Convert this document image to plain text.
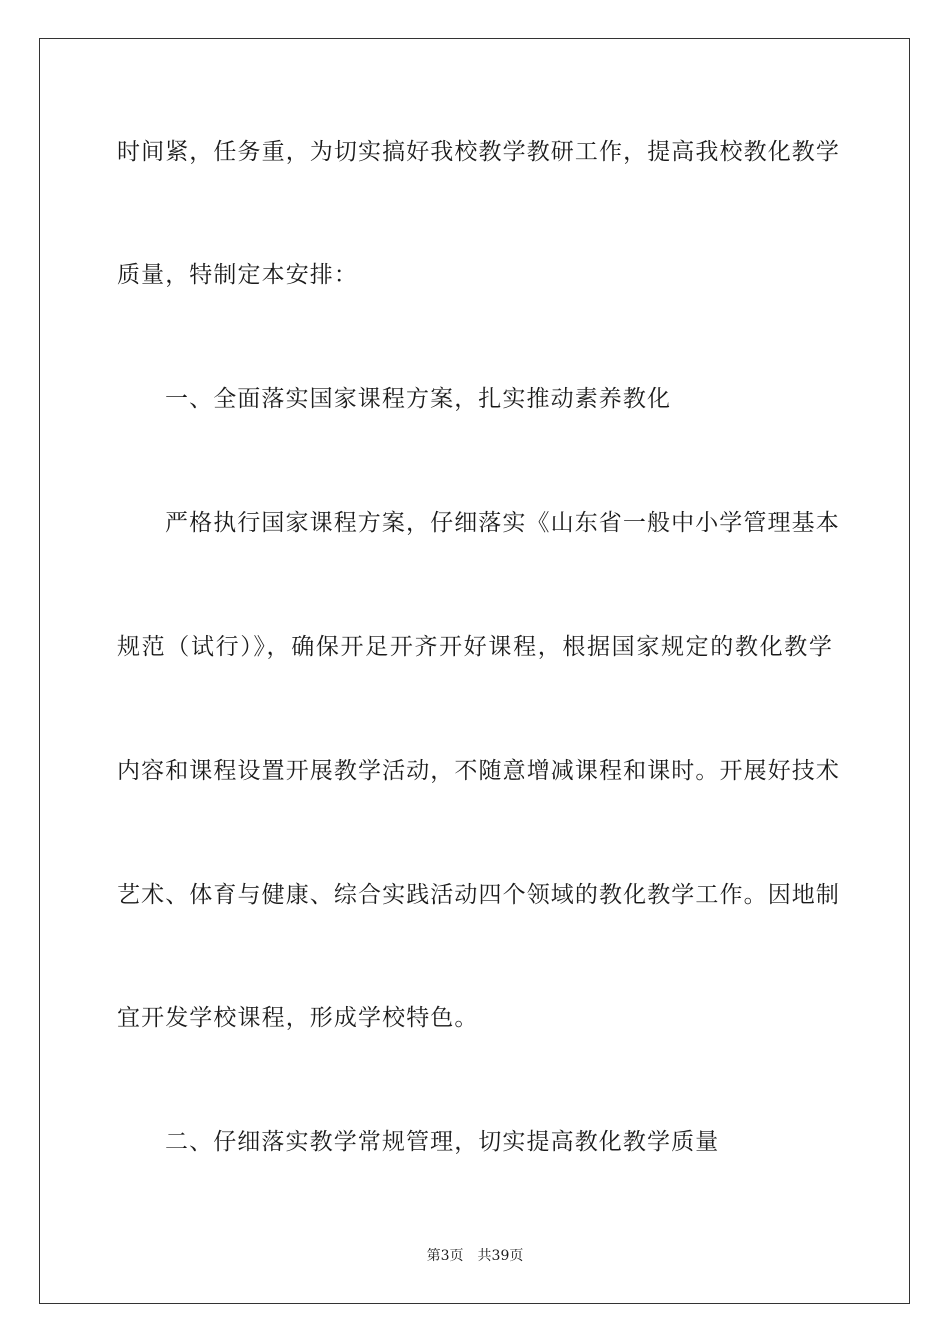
时间紧，任务重，为切实搞好我校教学教研工作，提高我校教化教学
质量，特制定本安排：
一、全面落实国家课程方案，扎实推动素养教化
严格执行国家课程方案，仔细落实《山东省一般中小学管理基本
规范（试行）》，确保开足开齐开好课程，根据国家规定的教化教学
内容和课程设置开展教学活动，不随意增减课程和课时。开展好技术
艺术、体育与健康、综合实践活动四个领域的教化教学工作。因地制
宜开发学校课程，形成学校特色。
二、仔细落实教学常规管理，切实提高教化教学质量
第3页 共39页
